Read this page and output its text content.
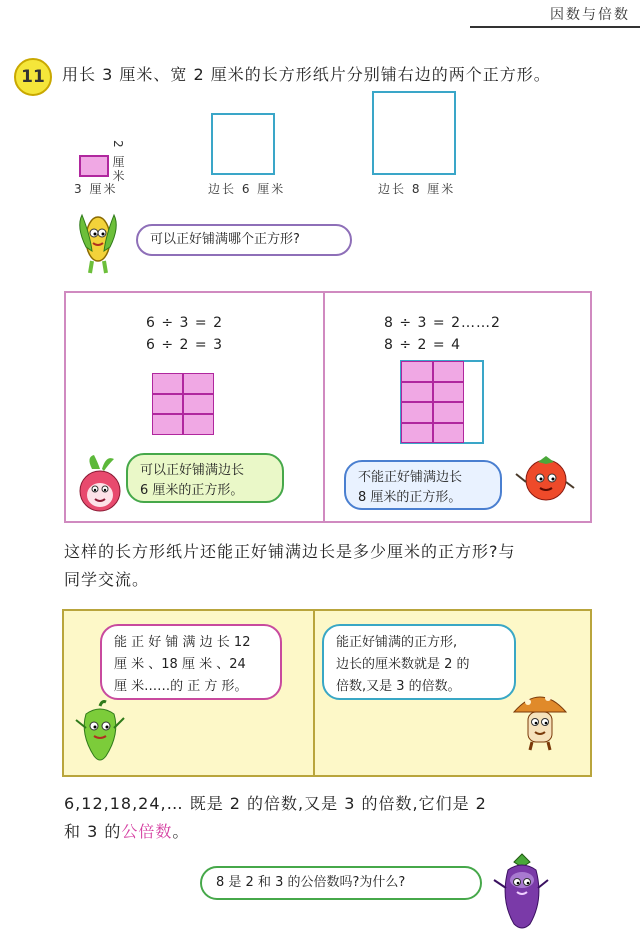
因数与倍数
11	用长 3 厘米、宽 2 厘米的长方形纸片分别铺右边的两个正方形。
3 厘米
2 厘米
边长 6 厘米	边长 8 厘米
可以正好铺满哪个正方形?
6 ÷ 3 = 2
6 ÷ 2 = 3
8 ÷ 3 = 2……2
8 ÷ 2 = 4
可以正好铺满边长
6 厘米的正方形。
不能正好铺满边长
8 厘米的正方形。
这样的长方形纸片还能正好铺满边长是多少厘米的正方形?与
同学交流。
能 正 好 铺 满 边 长 12
厘 米 、18 厘 米 、24
厘 米……的 正 方 形。
能正好铺满的正方形,
边长的厘米数就是 2 的
倍数,又是 3 的倍数。
6,12,18,24,… 既是 2 的倍数,又是 3 的倍数,它们是 2
和 3 的公倍数。
8 是 2 和 3 的公倍数吗?为什么?
